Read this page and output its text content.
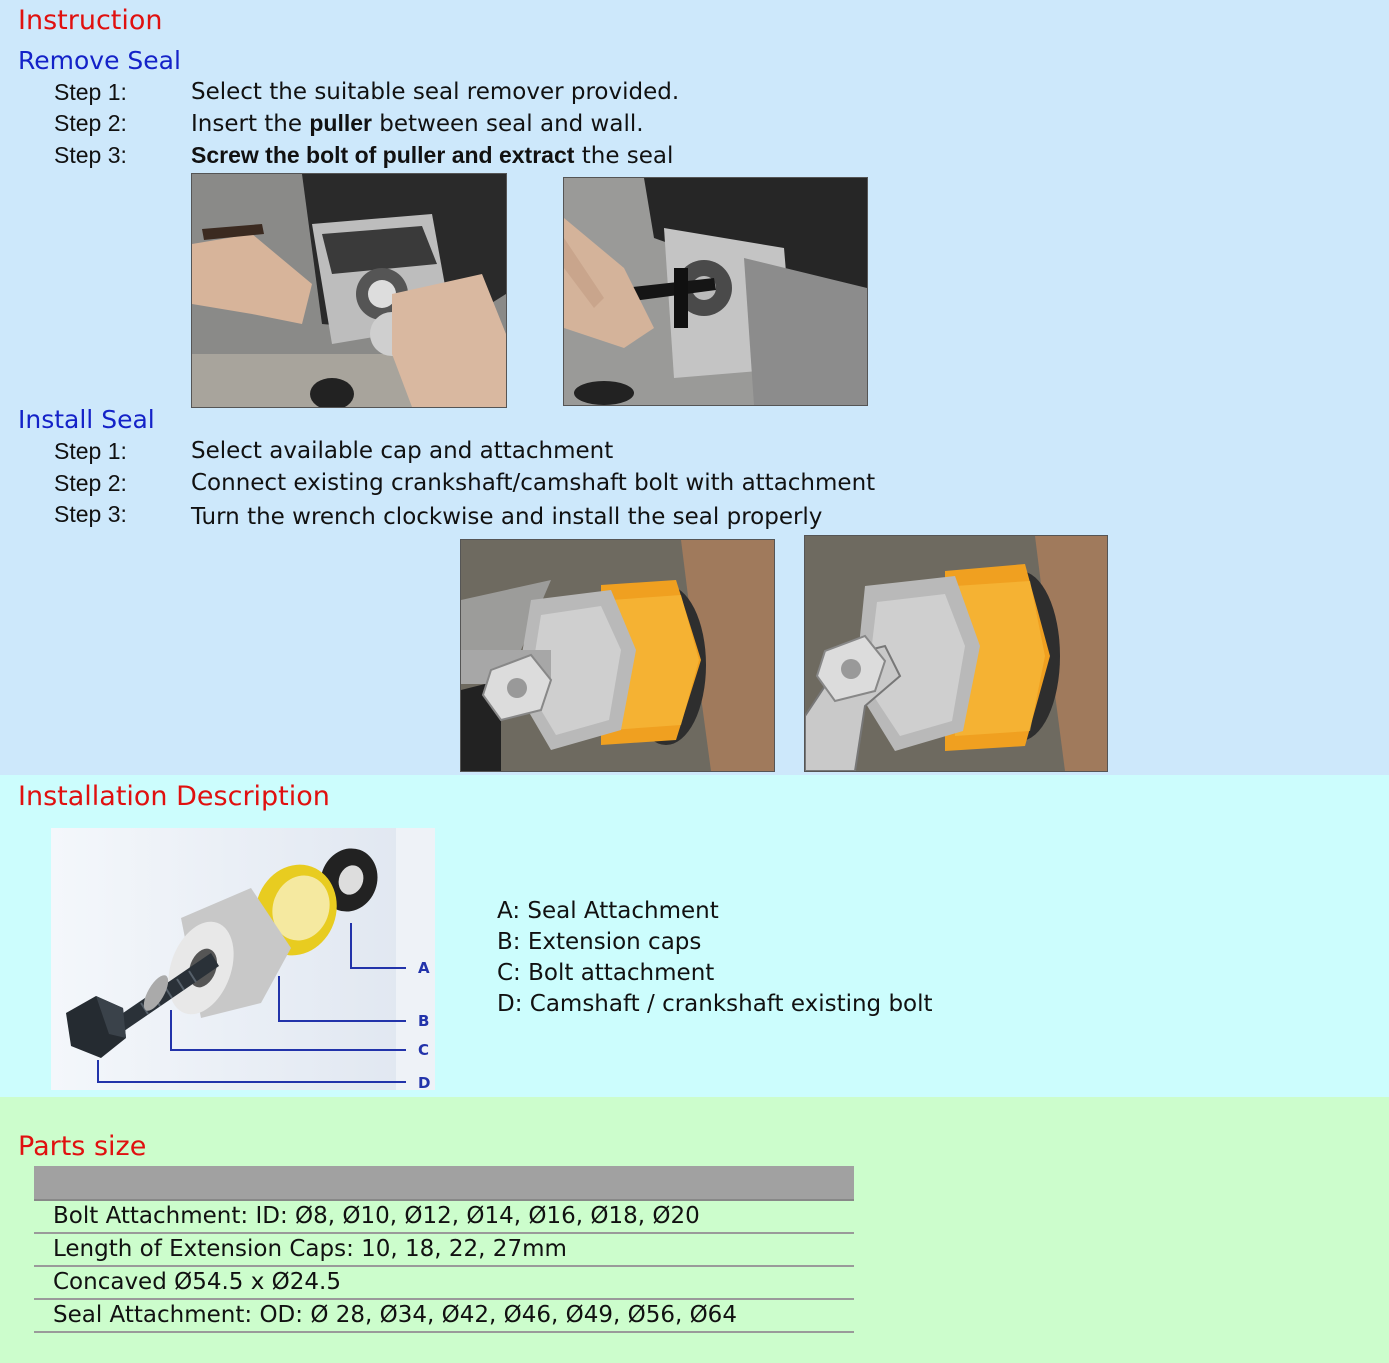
Instruction
Remove Seal
Step 1:	Select the suitable seal remover provided.
Step 2:	Insert the puller between seal and wall.
Step 3:	Screw the bolt of puller and extract the seal
Install Seal
Step 1:	Select available cap and attachment
Step 2:	Connect existing crankshaft/camshaft bolt with attachment
Step 3:	Turn the wrench clockwise and install the seal properly
Installation Description
A
B
C
D
A: Seal Attachment
B: Extension caps
C: Bolt attachment
D: Camshaft / crankshaft existing bolt
Parts size
Bolt Attachment: ID: Ø8, Ø10, Ø12, Ø14, Ø16, Ø18, Ø20
Length of Extension Caps: 10, 18, 22, 27mm
Concaved Ø54.5 x Ø24.5
Seal Attachment: OD: Ø 28, Ø34, Ø42, Ø46, Ø49, Ø56, Ø64
